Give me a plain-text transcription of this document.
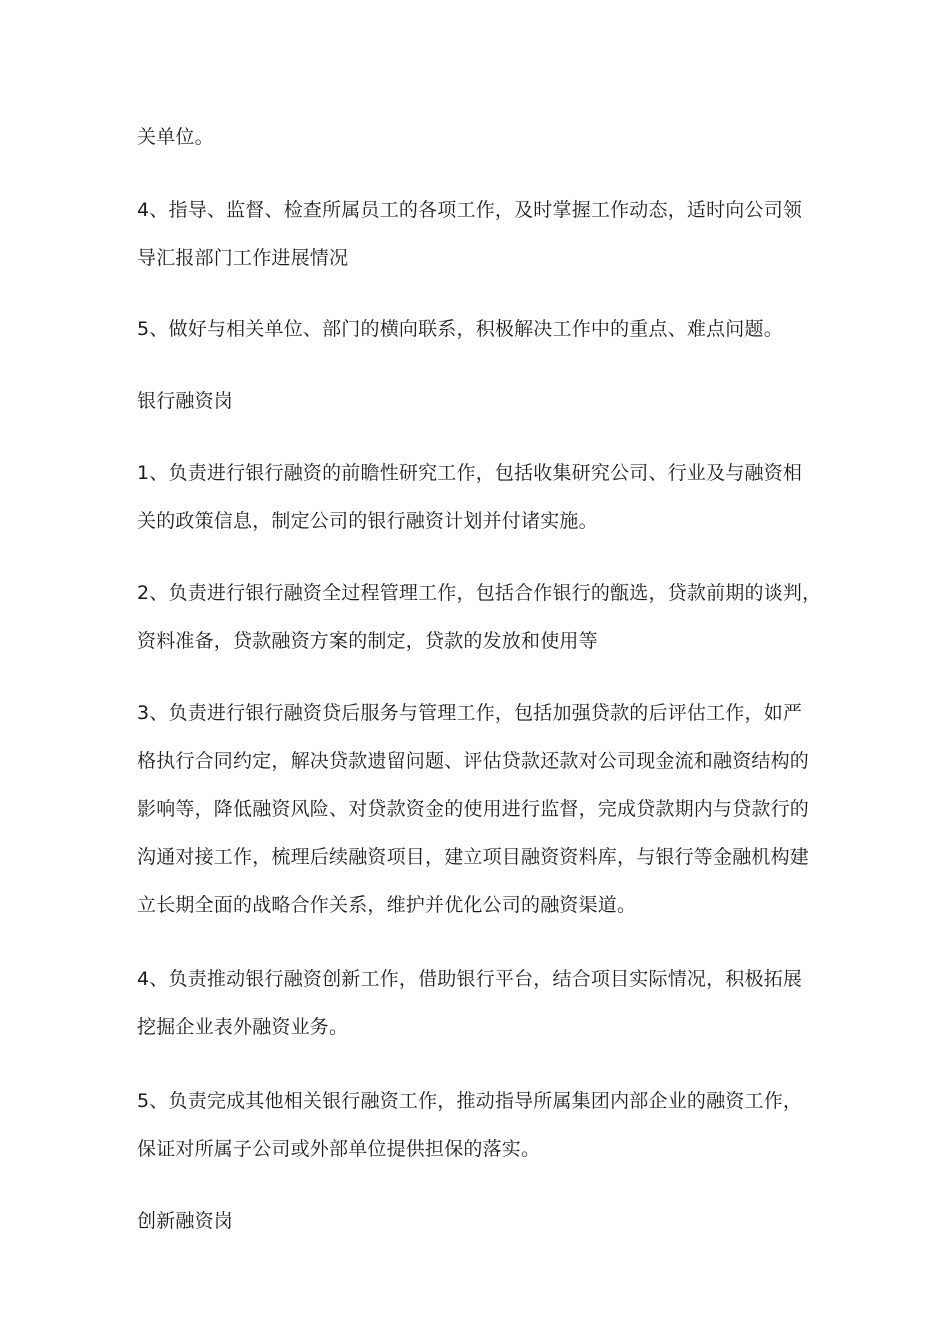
关单位。

4、指导、监督、检查所属员工的各项工作，及时掌握工作动态，适时向公司领
导汇报部门工作进展情况

5、做好与相关单位、部门的横向联系，积极解决工作中的重点、难点问题。

银行融资岗

1、负责进行银行融资的前瞻性研究工作，包括收集研究公司、行业及与融资相
关的政策信息，制定公司的银行融资计划并付诸实施。

2、负责进行银行融资全过程管理工作，包括合作银行的甑选，贷款前期的谈判，
资料准备，贷款融资方案的制定，贷款的发放和使用等

3、负责进行银行融资贷后服务与管理工作，包括加强贷款的后评估工作，如严
格执行合同约定，解决贷款遗留问题、评估贷款还款对公司现金流和融资结构的
影响等，降低融资风险、对贷款资金的使用进行监督，完成贷款期内与贷款行的
沟通对接工作，梳理后续融资项目，建立项目融资资料库，与银行等金融机构建
立长期全面的战略合作关系，维护并优化公司的融资渠道。

4、负责推动银行融资创新工作，借助银行平台，结合项目实际情况，积极拓展
挖掘企业表外融资业务。

5、负责完成其他相关银行融资工作，推动指导所属集团内部企业的融资工作，
保证对所属子公司或外部单位提供担保的落实。

创新融资岗
